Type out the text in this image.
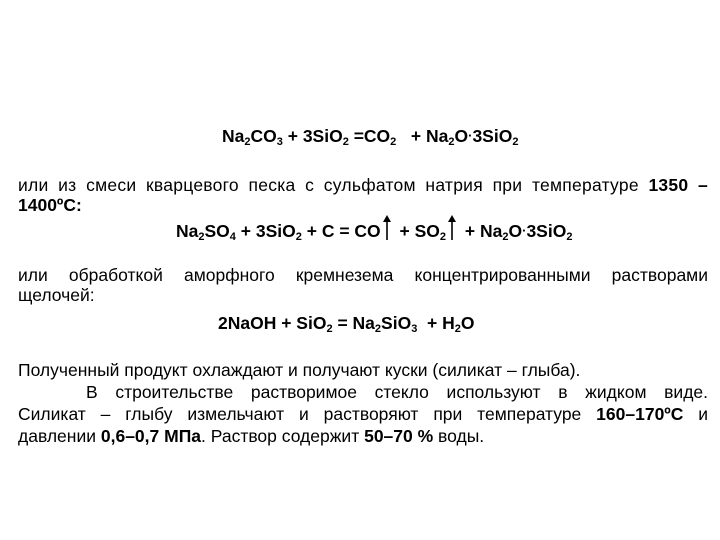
$Na_2CO_3 + 3SiO_2 =CO_2 + Na_2O\cdot 3SiO_2$
или из смеси кварцевого песка с сульфатом натрия при температуре 1350 –
1400ºС:
$Na_2SO_4 + 3SiO_2 + C$ = CO
+ $SO_2$
+ $Na_2O\cdot 3SiO_2$
или обработкой аморфного кремнезема концентрированными растворами
щелочей:
2NaOH + $SiO_2 = Na_2SiO_3 + H_2O$
Полученный продукт охлаждают и получают куски (силикат – глыба).
В строительстве растворимое стекло используют в жидком виде.
Силикат – глыбу измельчают и растворяют при температуре 160–170ºС и
давлении 0,6–0,7 МПа. Раствор содержит 50–70 % воды.
